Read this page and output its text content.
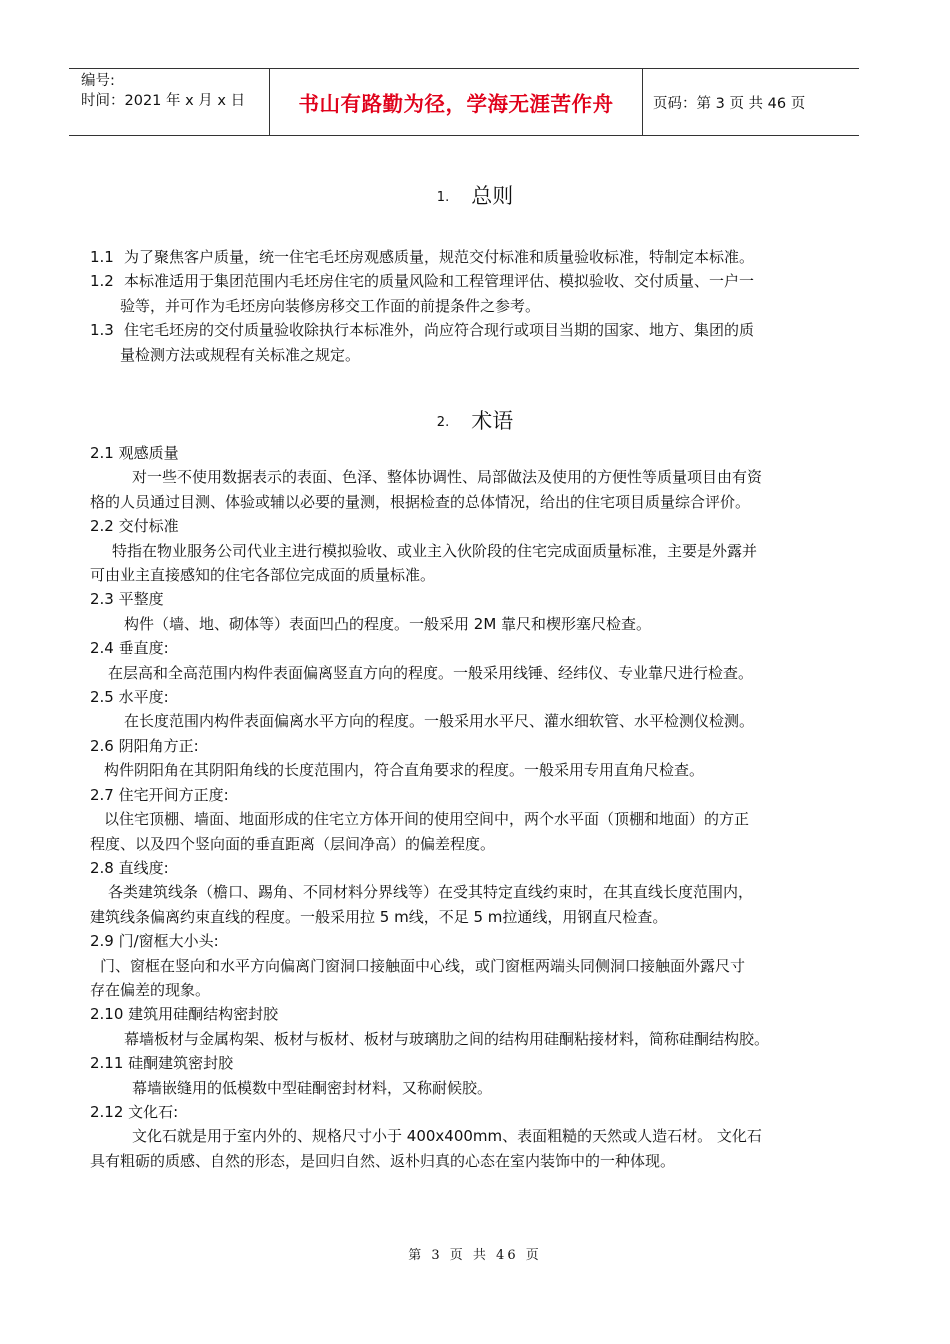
编号:
时间：2021 年 x 月 x 日	书山有路勤为径，学海无涯苦作舟	页码：第 3 页 共 46 页
1. 总则
1.1 为了聚焦客户质量，统一住宅毛坯房观感质量，规范交付标准和质量验收标准，特制定本标准。
1.2 本标准适用于集团范围内毛坯房住宅的质量风险和工程管理评估、模拟验收、交付质量、一户一
验等，并可作为毛坯房向装修房移交工作面的前提条件之参考。
1.3 住宅毛坯房的交付质量验收除执行本标准外，尚应符合现行或项目当期的国家、地方、集团的质
量检测方法或规程有关标准之规定。
2. 术语
2.1 观感质量

对一些不使用数据表示的表面、色泽、整体协调性、局部做法及使用的方便性等质量项目由有资

格的人员通过目测、体验或辅以必要的量测，根据检查的总体情况，给出的住宅项目质量综合评价。

2.2 交付标准

特指在物业服务公司代业主进行模拟验收、或业主入伙阶段的住宅完成面质量标准，主要是外露并

可由业主直接感知的住宅各部位完成面的质量标准。

2.3 平整度

构件（墙、地、砌体等）表面凹凸的程度。一般采用 2M 靠尺和楔形塞尺检查。

2.4 垂直度:

在层高和全高范围内构件表面偏离竖直方向的程度。一般采用线锤、经纬仪、专业靠尺进行检查。

2.5 水平度:

在长度范围内构件表面偏离水平方向的程度。一般采用水平尺、灌水细软管、水平检测仪检测。

2.6 阴阳角方正:

构件阴阳角在其阴阳角线的长度范围内，符合直角要求的程度。一般采用专用直角尺检查。

2.7 住宅开间方正度:

以住宅顶棚、墙面、地面形成的住宅立方体开间的使用空间中，两个水平面（顶棚和地面）的方正

程度、以及四个竖向面的垂直距离（层间净高）的偏差程度。

2.8 直线度:

各类建筑线条（檐口、踢角、不同材料分界线等）在受其特定直线约束时，在其直线长度范围内，

建筑线条偏离约束直线的程度。一般采用拉 5 m线，不足 5 m拉通线，用钢直尺检查。

2.9 门/窗框大小头:

门、窗框在竖向和水平方向偏离门窗洞口接触面中心线，或门窗框两端头同侧洞口接触面外露尺寸

存在偏差的现象。

2.10 建筑用硅酮结构密封胶

幕墙板材与金属构架、板材与板材、板材与玻璃肋之间的结构用硅酮粘接材料，简称硅酮结构胶。

2.11 硅酮建筑密封胶

幕墙嵌缝用的低模数中型硅酮密封材料，又称耐候胶。

2.12 文化石:

文化石就是用于室内外的、规格尺寸小于 400x400mm、表面粗糙的天然或人造石材。 文化石

具有粗砺的质感、自然的形态，是回归自然、返朴归真的心态在室内装饰中的一种体现。

第 3 页 共 46 页
